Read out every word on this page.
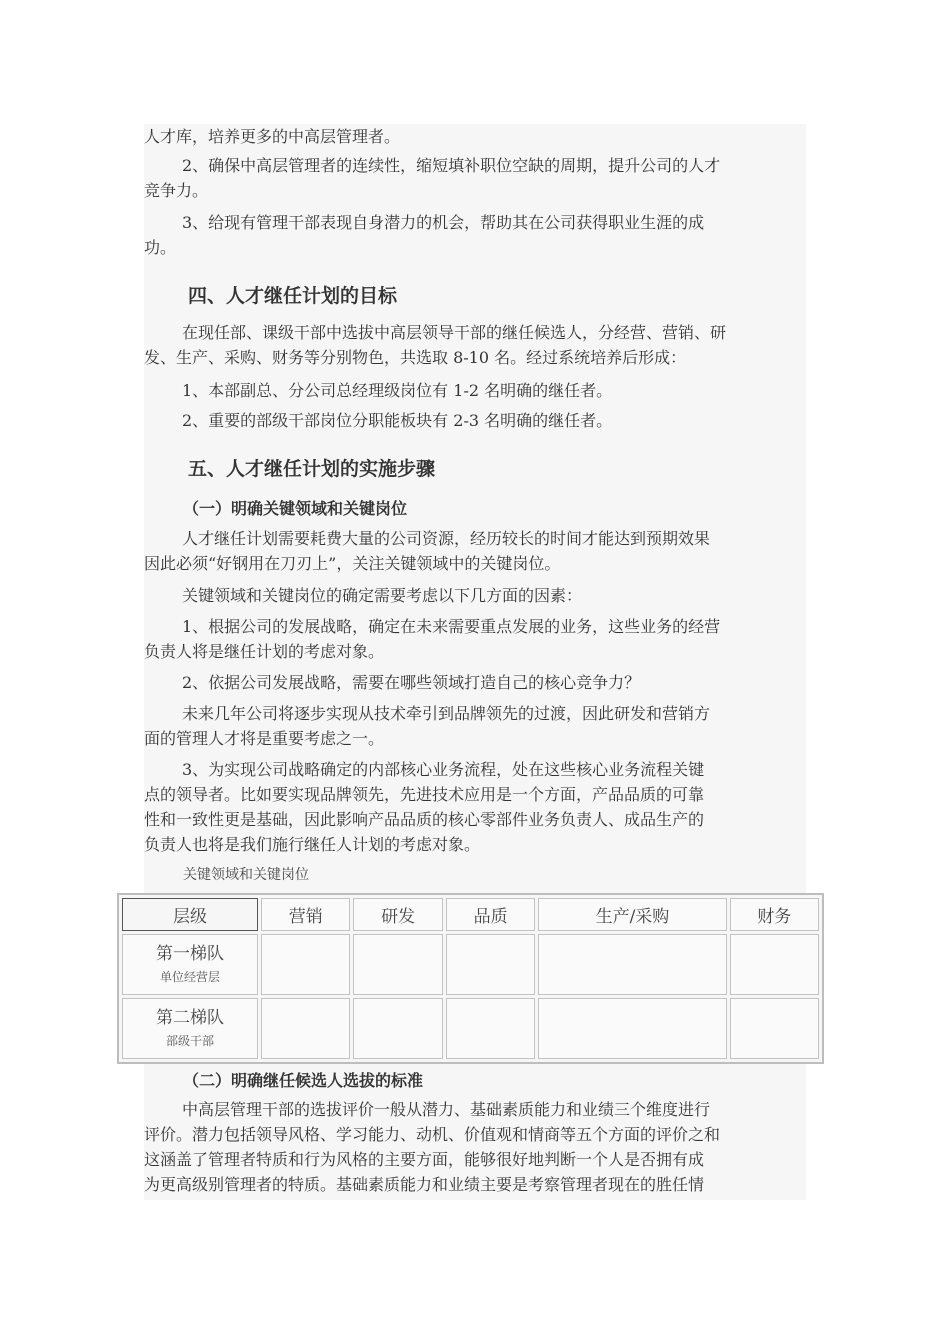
人才库，培养更多的中高层管理者。
2、确保中高层管理者的连续性，缩短填补职位空缺的周期，提升公司的人才
竞争力。
3、给现有管理干部表现自身潜力的机会，帮助其在公司获得职业生涯的成
功。
四、人才继任计划的目标
在现任部、课级干部中选拔中高层领导干部的继任候选人，分经营、营销、研
发、生产、采购、财务等分别物色，共选取 8-10 名。经过系统培养后形成：
1、本部副总、分公司总经理级岗位有 1-2 名明确的继任者。
2、重要的部级干部岗位分职能板块有 2-3 名明确的继任者。
五、人才继任计划的实施步骤
（一）明确关键领域和关键岗位
人才继任计划需要耗费大量的公司资源，经历较长的时间才能达到预期效果
因此必须“好钢用在刀刃上”，关注关键领域中的关键岗位。
关键领域和关键岗位的确定需要考虑以下几方面的因素：
1、根据公司的发展战略，确定在未来需要重点发展的业务，这些业务的经营
负责人将是继任计划的考虑对象。
2、依据公司发展战略，需要在哪些领域打造自己的核心竞争力？
未来几年公司将逐步实现从技术牵引到品牌领先的过渡，因此研发和营销方
面的管理人才将是重要考虑之一。
3、为实现公司战略确定的内部核心业务流程，处在这些核心业务流程关键
点的领导者。比如要实现品牌领先，先进技术应用是一个方面，产品品质的可靠
性和一致性更是基础，因此影响产品品质的核心零部件业务负责人、成品生产的
负责人也将是我们施行继任人计划的考虑对象。
关键领域和关键岗位
层级	营销	研发	品质	生产/采购	财务

第一梯队
单位经营层					

第二梯队
部级干部					

（二）明确继任候选人选拔的标准
中高层管理干部的选拔评价一般从潜力、基础素质能力和业绩三个维度进行
评价。潜力包括领导风格、学习能力、动机、价值观和情商等五个方面的评价之和
这涵盖了管理者特质和行为风格的主要方面，能够很好地判断一个人是否拥有成
为更高级别管理者的特质。基础素质能力和业绩主要是考察管理者现在的胜任情
